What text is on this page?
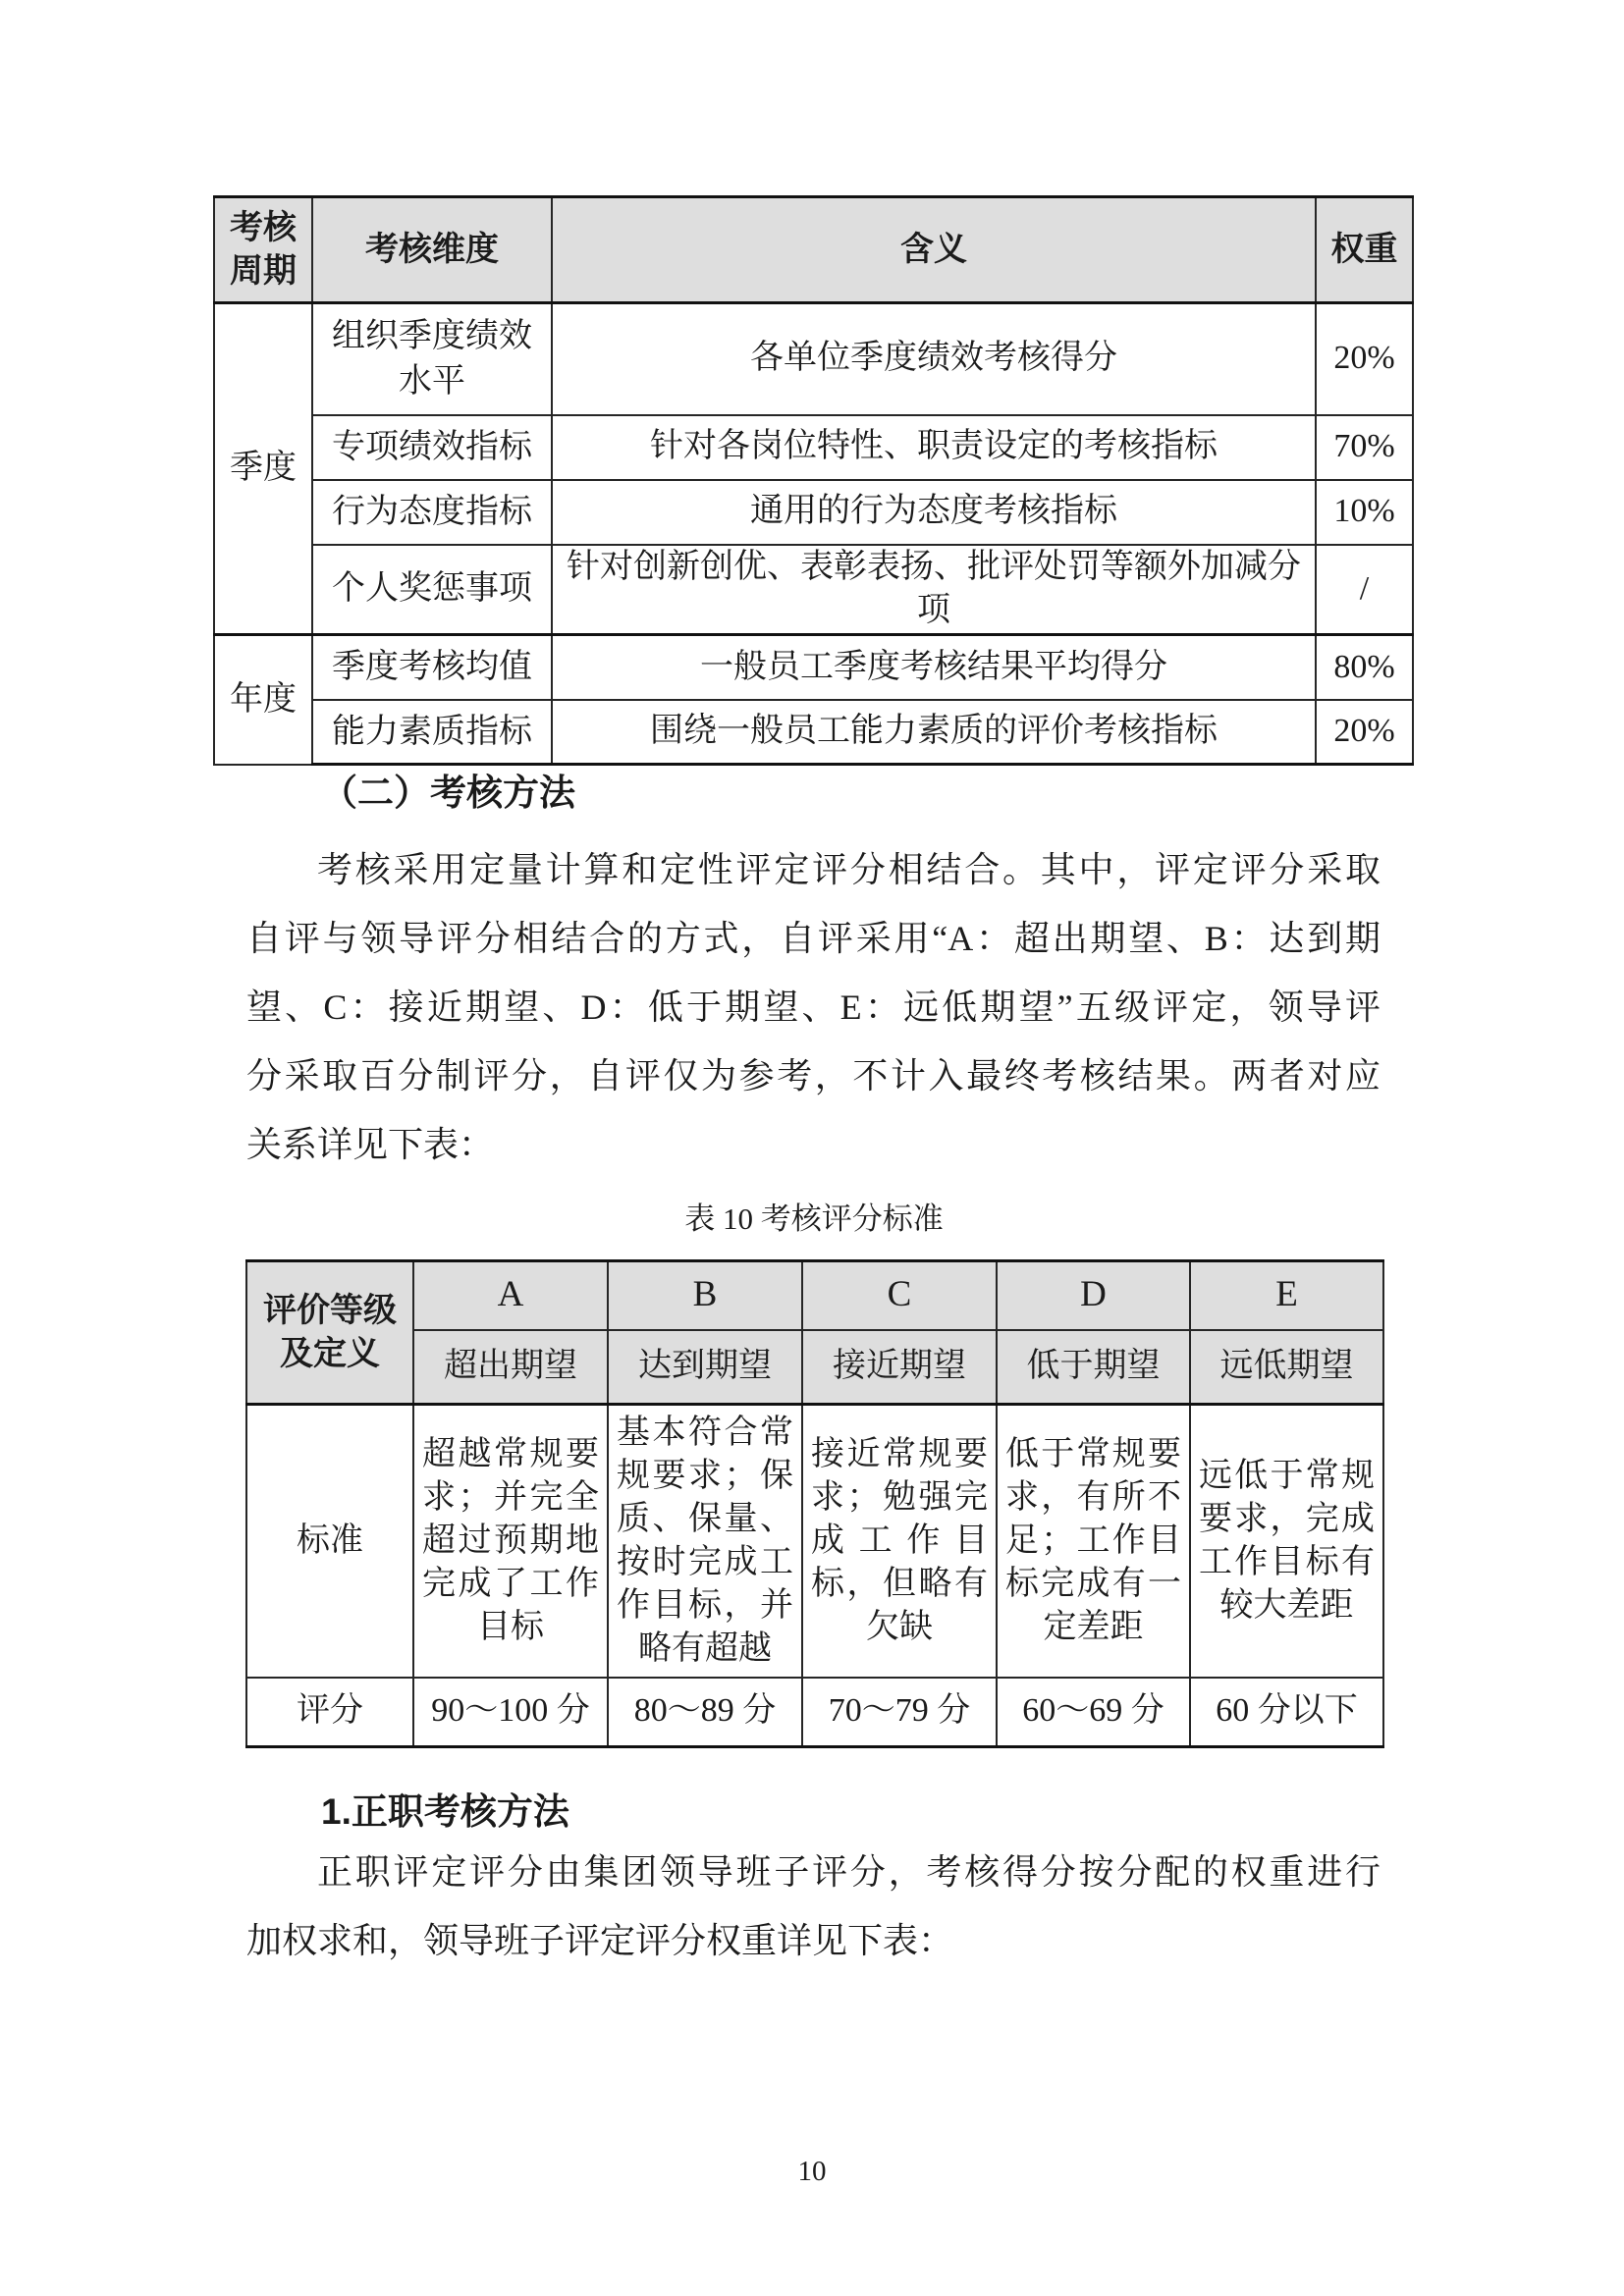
考核周期	考核维度	含义	权重
季度	组织季度绩效水平	各单位季度绩效考核得分	20%
	专项绩效指标	针对各岗位特性、职责设定的考核指标	70%
	行为态度指标	通用的行为态度考核指标	10%
	个人奖惩事项	针对创新创优、表彰表扬、批评处罚等额外加减分项	/
年度	季度考核均值	一般员工季度考核结果平均得分	80%
	能力素质指标	围绕一般员工能力素质的评价考核指标	20%
（二）考核方法
考核采用定量计算和定性评定评分相结合。其中，评定评分采取
自评与领导评分相结合的方式，自评采用“A：超出期望、B：达到期
望、C：接近期望、D：低于期望、E：远低期望”五级评定，领导评
分采取百分制评分，自评仅为参考，不计入最终考核结果。两者对应
关系详见下表：
表 10 考核评分标准
评价等级及定义	A	B	C	D	E
	超出期望	达到期望	接近期望	低于期望	远低期望
标准	超越常规要求；并完全超过预期地完成了工作目标	基本符合常规要求；保质、保量、按时完成工作目标，并略有超越	接近常规要求；勉强完成工作目标，但略有欠缺	低于常规要求，有所不足；工作目标完成有一定差距	远低于常规要求，完成工作目标有较大差距
评分	90～100 分	80～89 分	70～79 分	60～69 分	60 分以下
1.正职考核方法
正职评定评分由集团领导班子评分，考核得分按分配的权重进行
加权求和，领导班子评定评分权重详见下表：
10
